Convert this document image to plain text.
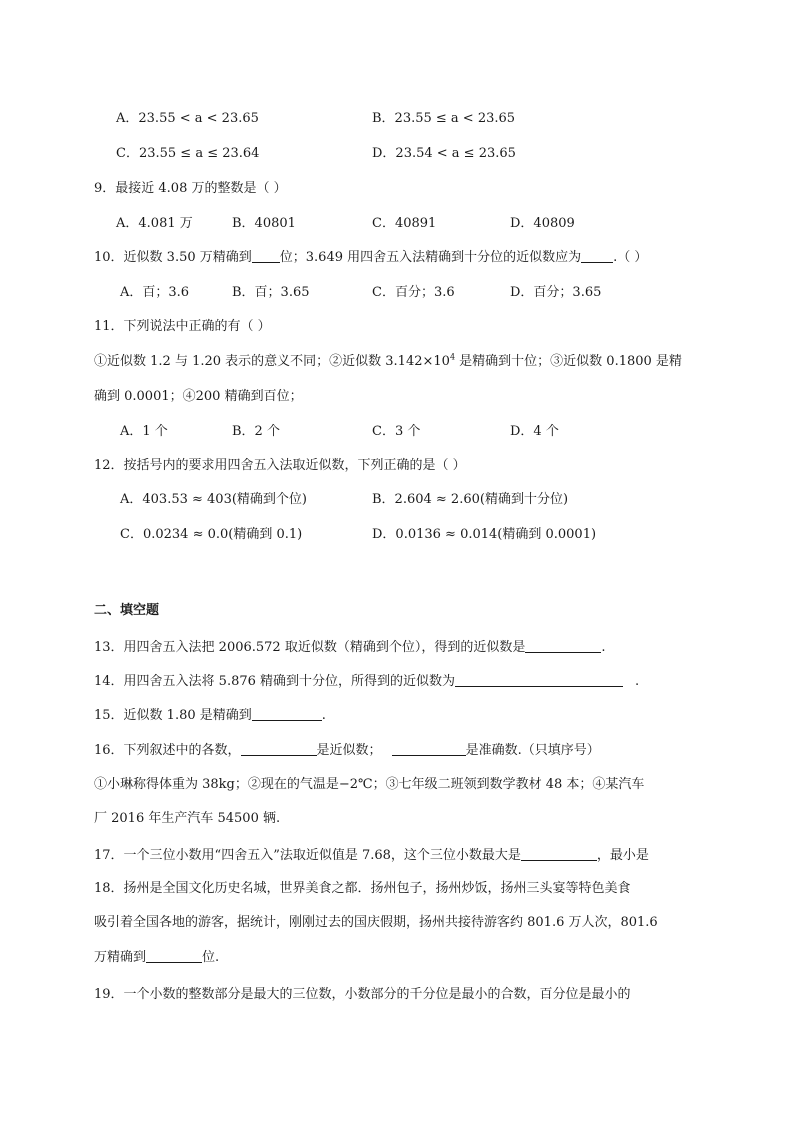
A．23.55 < a < 23.65	B．23.55 ≤ a < 23.65
C．23.55 ≤ a ≤ 23.64	D．23.54 < a ≤ 23.65
9．最接近 4.08 万的整数是（ ）
A．4.081 万	B．40801	C．40891	D．40809
10．近似数 3.50 万精确到 位；3.649 用四舍五入法精确到十分位的近似数应为 .（ ）
A．百；3.6	B．百；3.65	C．百分；3.6	D．百分；3.65
11．下列说法中正确的有（ ）
①近似数 1.2 与 1.20 表示的意义不同；②近似数 $3.142\times 10^4$ 是精确到十位；③近似数 0.1800 是精
确到 0.0001；④200 精确到百位；
A．1 个	B．2 个	C．3 个	D．4 个
12．按括号内的要求用四舍五入法取近似数，下列正确的是（ ）
A．403.53 ≈ 403(精确到个位)	B．2.604 ≈ 2.60(精确到十分位)
C．0.0234 ≈ 0.0(精确到 0.1)	D．0.0136 ≈ 0.014(精确到 0.0001)
二、填空题
13．用四舍五入法把 2006.572 取近似数（精确到个位），得到的近似数是	.
14．用四舍五入法将 5.876 精确到十分位，所得到的近似数为	.
15．近似数 1.80 是精确到	.
16．下列叙述中的各数，	是近似数；	是准确数.（只填序号）
①小琳称得体重为 38kg；②现在的气温是−2℃；③七年级二班领到数学教材 48 本；④某汽车
厂 2016 年生产汽车 54500 辆.
17．一个三位小数用“四舍五入”法取近似值是 7.68，这个三位小数最大是	，最小是
18．扬州是全国文化历史名城，世界美食之都．扬州包子，扬州炒饭，扬州三头宴等特色美食
吸引着全国各地的游客，据统计，刚刚过去的国庆假期，扬州共接待游客约 801.6 万人次，801.6
万精确到	位.
19．一个小数的整数部分是最大的三位数，小数部分的千分位是最小的合数，百分位是最小的
